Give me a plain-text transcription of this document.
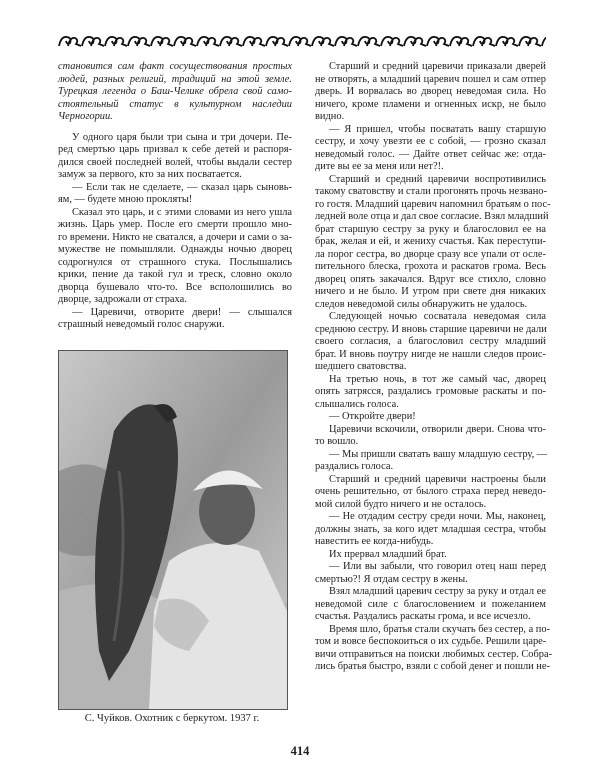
становится сам факт сосуществования простых
людей, разных религий, традиций на этой земле.
Турецкая легенда о Баш-Челике обрела свой само-
стоятельный статус в культурном наследии
Черногории.
У одного царя были три сына и три дочери. Пе-
ред смертью царь призвал к себе детей и распоря-
дился своей последней волей, чтобы выдали сестер
замуж за первого, кто за них посватается.
— Если так не сделаете, — сказал царь сыновь-
ям, — будете мною прокляты!
Сказал это царь, и с этими словами из него ушла
жизнь. Царь умер. После его смерти прошло мно-
го времени. Никто не сватался, а дочери и сами о за-
мужестве не помышляли. Однажды ночью дворец
содрогнулся от страшного стука. Послышались
крики, пение да такой гул и треск, словно около
дворца бушевало что-то. Все всполошились во
дворце, задрожали от страха.
— Царевичи, отворите двери! — слышался
страшный неведомый голос снаружи.
С. Чуйков. Охотник с беркутом. 1937 г.
Старший и средний царевичи приказали дверей
не отворять, а младший царевич пошел и сам отпер
дверь. И ворвалась во дворец неведомая сила. Но
ничего, кроме пламени и огненных искр, не было
видно.
— Я пришел, чтобы посватать вашу старшую
сестру, и хочу увезти ее с собой, — грозно сказал
неведомый голос. — Дайте ответ сейчас же: отда-
дите вы ее за меня или нет?!.
Старший и средний царевичи воспротивились
такому сватовству и стали прогонять прочь незвано-
го гостя. Младший царевич напомнил братьям о пос-
ледней воле отца и дал свое согласие. Взял младший
брат старшую сестру за руку и благословил ее на
брак, желая и ей, и жениху счастья. Как переступи-
ла порог сестра, во дворце сразу все упали от осле-
пительного блеска, грохота и раскатов грома. Весь
дворец опять закачался. Вдруг все стихло, словно
ничего и не было. И утром при свете дня никаких
следов неведомой силы обнаружить не удалось.
Следующей ночью сосватала неведомая сила
среднюю сестру. И вновь старшие царевичи не дали
своего согласия, а благословил сестру младший
брат. И вновь поутру нигде не нашли следов проис-
шедшего сватовства.
На третью ночь, в тот же самый час, дворец
опять затрясся, раздались громовые раскаты и по-
слышались голоса.
— Откройте двери!
Царевичи вскочили, отворили двери. Снова что-
то вошло.
— Мы пришли сватать вашу младшую сестру, —
раздались голоса.
Старший и средний царевичи настроены были
очень решительно, от былого страха перед неведо-
мой силой будто ничего и не осталось.
— Не отдадим сестру среди ночи. Мы, наконец,
должны знать, за кого идет младшая сестра, чтобы
навестить ее когда-нибудь.
Их прервал младший брат.
— Или вы забыли, что говорил отец наш перед
смертью?! Я отдам сестру в жены.
Взял младший царевич сестру за руку и отдал ее
неведомой силе с благословением и пожеланием
счастья. Раздались раскаты грома, и все исчезло.
Время шло, братья стали скучать без сестер, а по-
том и вовсе беспокоиться о их судьбе. Решили царе-
вичи отправиться на поиски любимых сестер. Собра-
лись братья быстро, взяли с собой денег и пошли не-
414
